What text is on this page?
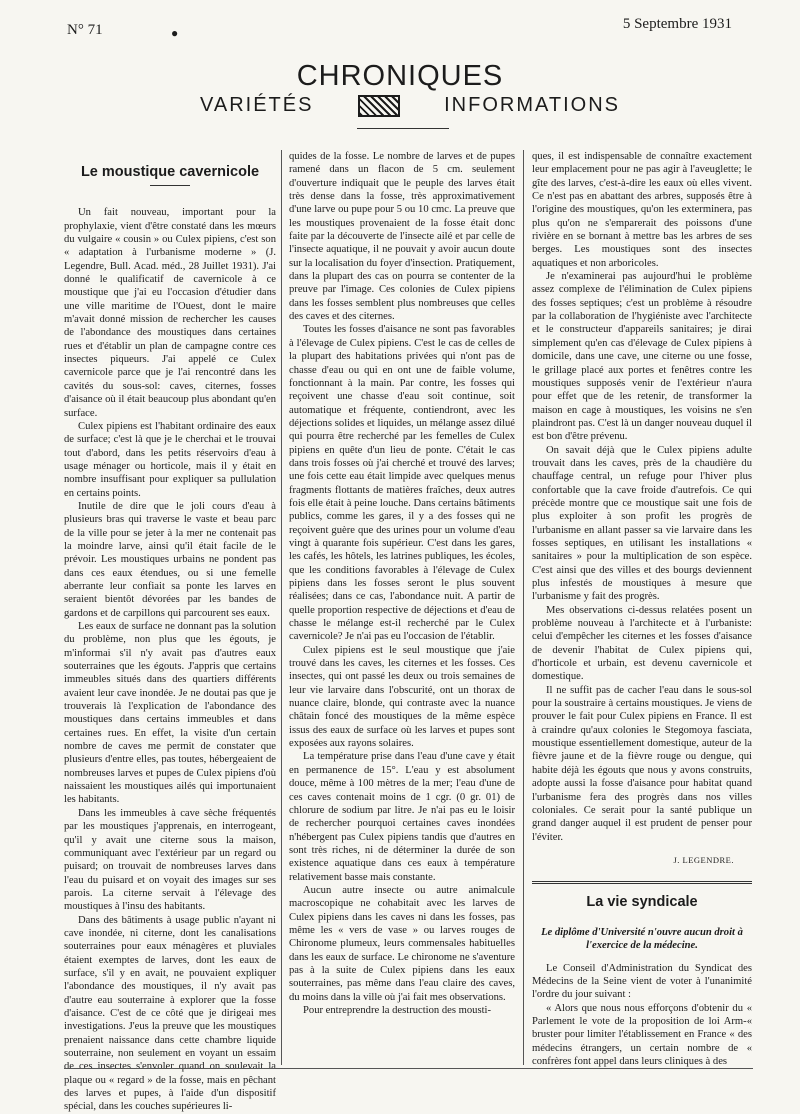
N° 71	●
5 Septembre 1931
CHRONIQUES
VARIÉTÉS	INFORMATIONS
Le moustique cavernicole

Un fait nouveau, important pour la prophylaxie, vient d'être constaté dans les mœurs du vulgaire « cousin » ou Culex pipiens, c'est son « adaptation à l'urbanisme moderne » (J. Legendre, Bull. Acad. méd., 28 Juillet 1931). J'ai donné le qualificatif de cavernicole à ce moustique que j'ai eu l'occasion d'étudier dans une ville maritime de l'Ouest, dont le maire m'avait donné mission de rechercher les causes de l'abondance des moustiques dans certaines rues et d'établir un plan de campagne contre ces insectes piqueurs. J'ai appelé ce Culex cavernicole parce que je l'ai rencontré dans les cavités du sous-sol: caves, citernes, fosses d'aisance où il était beaucoup plus abondant qu'en surface.

Culex pipiens est l'habitant ordinaire des eaux de surface; c'est là que je le cherchai et le trouvai tout d'abord, dans les petits réservoirs d'eau à usage ménager ou horticole, mais il y était en nombre insuffisant pour expliquer sa pullulation en certains points.

Inutile de dire que le joli cours d'eau à plusieurs bras qui traverse le vaste et beau parc de la ville pour se jeter à la mer ne contenait pas la moindre larve, ainsi qu'il était facile de le prévoir. Les moustiques urbains ne pondent pas dans ces eaux étendues, ou si une femelle aberrante leur confiait sa ponte les larves en seraient bientôt dévorées par les bandes de gardons et de carpillons qui parcourent ses eaux.

Les eaux de surface ne donnant pas la solution du problème, non plus que les égouts, je m'informai s'il n'y avait pas d'autres eaux souterraines que les égouts. J'appris que certains immeubles situés dans des quartiers différents avaient leur cave inondée. Je ne doutai pas que je trouverais là l'explication de l'abondance des moustiques dans certains immeubles et dans certaines rues. En effet, la visite d'un certain nombre de caves me permit de constater que plusieurs d'entre elles, pas toutes, hébergeaient de nombreuses larves et pupes de Culex pipiens d'où naissaient les moustiques ailés qui importunaient les habitants.

Dans les immeubles à cave sèche fréquentés par les moustiques j'apprenais, en interrogeant, qu'il y avait une citerne sous la maison, communiquant avec l'extérieur par un regard ou puisard; on trouvait de nombreuses larves dans l'eau du puisard et on voyait des images sur ses parois. La citerne servait à l'élevage des moustiques à l'insu des habitants.

Dans des bâtiments à usage public n'ayant ni cave inondée, ni citerne, dont les canalisations souterraines pour eaux ménagères et pluviales étaient exemptes de larves, dont les eaux de surface, s'il y en avait, ne pouvaient expliquer l'abondance des moustiques, il n'y avait pas d'autre eau souterraine à explorer que la fosse d'aisance. C'est de ce côté que je dirigeai mes investigations. J'eus la preuve que les moustiques prenaient naissance dans cette chambre liquide souterraine, non seulement en voyant un essaim de ces insectes s'envoler quand on soulevait la plaque ou « regard » de la fosse, mais en pêchant des larves et pupes, à l'aide d'un dispositif spécial, dans les couches supérieures li-

quides de la fosse. Le nombre de larves et de pupes ramené dans un flacon de 5 cm. seulement d'ouverture indiquait que le peuple des larves était très dense dans la fosse, très approximativement d'une larve ou pupe pour 5 ou 10 cmc. La preuve que les moustiques provenaient de la fosse était donc faite par la découverte de l'insecte ailé et par celle de l'insecte aquatique, il ne pouvait y avoir aucun doute sur la localisation du foyer d'insection. Pratiquement, dans la plupart des cas on pourra se contenter de la preuve par l'image. Ces colonies de Culex pipiens dans les fosses semblent plus nombreuses que celles des caves et des citernes.

Toutes les fosses d'aisance ne sont pas favorables à l'élevage de Culex pipiens. C'est le cas de celles de la plupart des habitations privées qui n'ont pas de chasse d'eau ou qui en ont une de faible volume, fonctionnant à la main. Par contre, les fosses qui reçoivent une chasse d'eau soit continue, soit automatique et fréquente, contiendront, avec les déjections solides et liquides, un mélange assez dilué qui pourra être recherché par les femelles de Culex pipiens en quête d'un lieu de ponte. C'était le cas dans trois fosses où j'ai cherché et trouvé des larves; une fois cette eau était limpide avec quelques menus fragments flottants de matières fraîches, deux autres fois elle était à peine louche. Dans certains bâtiments publics, comme les gares, il y a des fosses qui ne reçoivent guère que des urines pour un volume d'eau vingt à quarante fois supérieur. C'est dans les gares, les cafés, les hôtels, les latrines publiques, les écoles, que les conditions favorables à l'élevage de Culex pipiens dans les fosses seront le plus souvent réalisées; dans ce cas, l'abondance nuit. A partir de quelle proportion respective de déjections et d'eau de chasse le mélange est-il recherché par le Culex cavernicole? Je n'ai pas eu l'occasion de l'établir.

Culex pipiens est le seul moustique que j'aie trouvé dans les caves, les citernes et les fosses. Ces insectes, qui ont passé les deux ou trois semaines de leur vie larvaire dans l'obscurité, ont un thorax de nuance claire, blonde, qui contraste avec la nuance châtain foncé des moustiques de la même espèce issus des eaux de surface où les larves et pupes sont exposées aux rayons solaires.

La température prise dans l'eau d'une cave y était en permanence de 15°. L'eau y est absolument douce, même à 100 mètres de la mer; l'eau d'une de ces caves contenait moins de 1 cgr. (0 gr. 01) de chlorure de sodium par litre. Je n'ai pas eu le loisir de rechercher pourquoi certaines caves inondées n'hébergent pas Culex pipiens tandis que d'autres en sont très riches, ni de déterminer la durée de son existence aquatique dans ces eaux à température relativement basse mais constante.

Aucun autre insecte ou autre animalcule macroscopique ne cohabitait avec les larves de Culex pipiens dans les caves ni dans les fosses, pas même les « vers de vase » ou larves rouges de Chironome plumeux, leurs commensales habituelles dans les eaux de surface. Le chironome ne s'aventure pas à la suite de Culex pipiens dans les eaux souterraines, pas même dans l'eau claire des caves, du moins dans la ville où j'ai fait mes observations.

Pour entreprendre la destruction des mousti-

ques, il est indispensable de connaître exactement leur emplacement pour ne pas agir à l'aveuglette; le gîte des larves, c'est-à-dire les eaux où elles vivent. Ce n'est pas en abattant des arbres, supposés être à l'origine des moustiques, qu'on les exterminera, pas plus qu'on ne s'emparerait des poissons d'une rivière en se bornant à mettre bas les arbres de ses berges. Les moustiques sont des insectes aquatiques et non arboricoles.

Je n'examinerai pas aujourd'hui le problème assez complexe de l'élimination de Culex pipiens des fosses septiques; c'est un problème à résoudre par la collaboration de l'hygiéniste avec l'architecte et le constructeur d'appareils sanitaires; je dirai simplement qu'en cas d'élevage de Culex pipiens à domicile, dans une cave, une citerne ou une fosse, le grillage placé aux portes et fenêtres contre les moustiques supposés venir de l'extérieur n'aura pour effet que de les retenir, de transformer la maison en cage à moustiques, les voisins ne s'en plaindront pas. C'est là un danger nouveau duquel il est bon d'être prévenu.

On savait déjà que le Culex pipiens adulte trouvait dans les caves, près de la chaudière du chauffage central, un refuge pour l'hiver plus confortable que la cave froide d'autrefois. Ce qui précède montre que ce moustique sait une fois de plus exploiter à son profit les progrès de l'urbanisme en allant passer sa vie larvaire dans les fosses septiques, en utilisant les installations « sanitaires » pour la multiplication de son espèce. C'est ainsi que des villes et des bourgs deviennent plus infestés de moustiques à mesure que l'urbanisme y fait des progrès.

Mes observations ci-dessus relatées posent un problème nouveau à l'architecte et à l'urbaniste: celui d'empêcher les citernes et les fosses d'aisance de devenir l'habitat de Culex pipiens qui, d'horticole et urbain, est devenu cavernicole et domestique.

Il ne suffit pas de cacher l'eau dans le sous-sol pour la soustraire à certains moustiques. Je viens de prouver le fait pour Culex pipiens en France. Il est à craindre qu'aux colonies le Stegomoya fasciata, moustique essentiellement domestique, auteur de la fièvre jaune et de la fièvre rouge ou dengue, qui habite déjà les égouts que nous y avons construits, adopte aussi la fosse d'aisance pour habitat quand l'urbanisme fera des progrès dans nos villes coloniales. Ce serait pour la santé publique un grand danger auquel il est prudent de penser pour l'éviter.

J. LEGENDRE.
La vie syndicale
Le diplôme d'Université n'ouvre aucun droit à l'exercice de la médecine.

Le Conseil d'Administration du Syndicat des Médecins de la Seine vient de voter à l'unanimité l'ordre du jour suivant :

« Alors que nous nous efforçons d'obtenir du « Parlement le vote de la proposition de loi Arm-« bruster pour limiter l'établissement en France « des médecins étrangers, un certain nombre de « confrères font appel dans leurs cliniques à des
